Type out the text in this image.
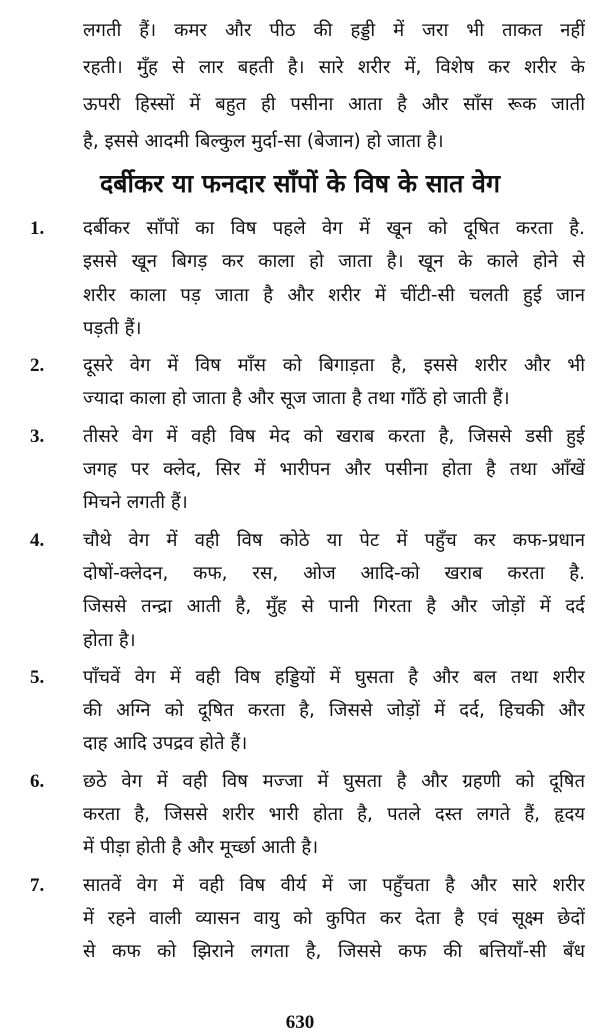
लगती हैं। कमर और पीठ की हड्डी में जरा भी ताकत नहीं
रहती। मुँह से लार बहती है। सारे शरीर में, विशेष कर शरीर के
ऊपरी हिस्सों में बहुत ही पसीना आता है और साँस रूक जाती
है, इससे आदमी बिल्कुल मुर्दा-सा (बेजान) हो जाता है।
दर्बीकर या फनदार साँपों के विष के सात वेग
1. दर्बीकर साँपों का विष पहले वेग में खून को दूषित करता है.
इससे खून बिगड़ कर काला हो जाता है। खून के काले होने से
शरीर काला पड़ जाता है और शरीर में चींटी-सी चलती हुई जान
पड़ती हैं।
2. दूसरे वेग में विष माँस को बिगाड़ता है, इससे शरीर और भी
ज्यादा काला हो जाता है और सूज जाता है तथा गाँठें हो जाती हैं।
3. तीसरे वेग में वही विष मेद को खराब करता है, जिससे डसी हुई
जगह पर क्लेद, सिर में भारीपन और पसीना होता है तथा आँखें
मिचने लगती हैं।
4. चौथे वेग में वही विष कोठे या पेट में पहुँच कर कफ-प्रधान
दोषों-क्लेदन, कफ, रस, ओज आदि-को खराब करता है.
जिससे तन्द्रा आती है, मुँह से पानी गिरता है और जोड़ों में दर्द
होता है।
5. पाँचवें वेग में वही विष हड्डियों में घुसता है और बल तथा शरीर
की अग्नि को दूषित करता है, जिससे जोड़ों में दर्द, हिचकी और
दाह आदि उपद्रव होते हैं।
6. छठे वेग में वही विष मज्जा में घुसता है और ग्रहणी को दूषित
करता है, जिससे शरीर भारी होता है, पतले दस्त लगते हैं, हृदय
में पीड़ा होती है और मूर्च्छा आती है।
7. सातवें वेग में वही विष वीर्य में जा पहुँचता है और सारे शरीर
में रहने वाली व्यासन वायु को कुपित कर देता है एवं सूक्ष्म छेदों
से कफ को झिराने लगता है, जिससे कफ की बत्तियाँ-सी बँध
630
